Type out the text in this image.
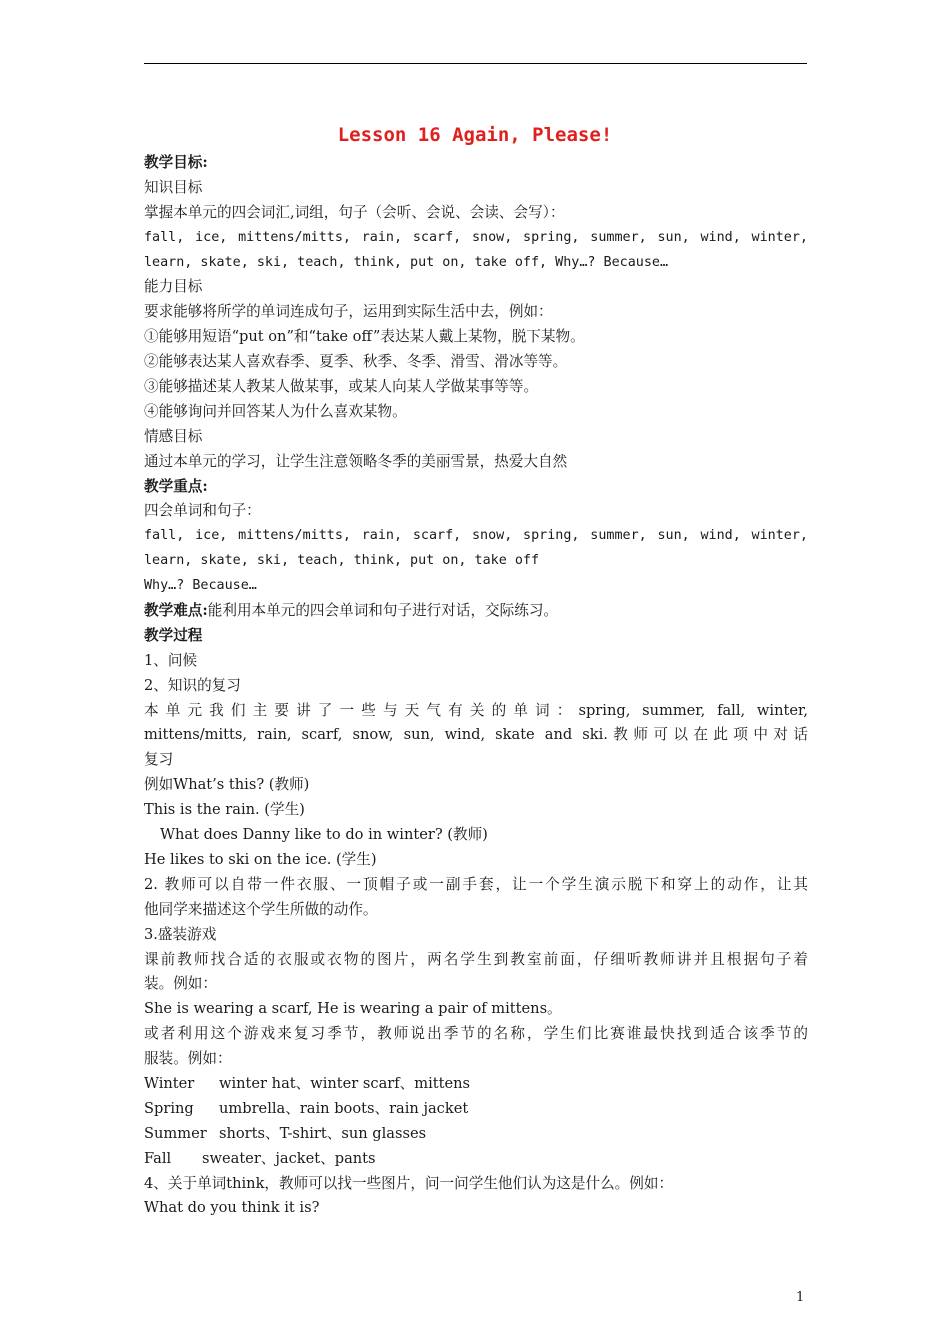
Lesson 16 Again, Please!
教学目标:
知识目标
掌握本单元的四会词汇,词组，句子（会听、会说、会读、会写）：
fall, ice, mittens/mitts, rain, scarf, snow, spring, summer, sun, wind, winter,
learn, skate, ski, teach, think, put on, take off, Why…? Because…
能力目标
要求能够将所学的单词连成句子，运用到实际生活中去，例如：
①能够用短语“put on”和“take off”表达某人戴上某物，脱下某物。
②能够表达某人喜欢春季、夏季、秋季、冬季、滑雪、滑冰等等。
③能够描述某人教某人做某事，或某人向某人学做某事等等。
④能够询问并回答某人为什么喜欢某物。
情感目标
通过本单元的学习，让学生注意领略冬季的美丽雪景，热爱大自然
教学重点:
四会单词和句子：
fall, ice, mittens/mitts, rain, scarf, snow, spring, summer, sun, wind, winter,
learn, skate, ski, teach, think, put on, take off
Why…? Because…
教学难点:能利用本单元的四会单词和句子进行对话，交际练习。
教学过程
1、问候
2、知识的复习
本单元我们主要讲了一些与天气有关的单词：spring, summer, fall, winter,
mittens/mitts, rain, scarf, snow, sun, wind, skate and ski.教师可以在此项中对话
复习
例如What’s this? (教师)
This is the rain. (学生)
What does Danny like to do in winter? (教师)
He likes to ski on the ice. (学生)
2. 教师可以自带一件衣服、一顶帽子或一副手套，让一个学生演示脱下和穿上的动作，让其
他同学来描述这个学生所做的动作。
3.盛装游戏
课前教师找合适的衣服或衣物的图片，两名学生到教室前面，仔细听教师讲并且根据句子着
装。例如：
She is wearing a scarf, He is wearing a pair of mittens。
或者利用这个游戏来复习季节，教师说出季节的名称，学生们比赛谁最快找到适合该季节的
服装。例如：
Winter	winter hat、winter scarf、mittens
Spring	umbrella、rain boots、rain jacket
Summer shorts、T-shirt、sun glasses
Fall	sweater、jacket、pants
4、关于单词think，教师可以找一些图片，问一问学生他们认为这是什么。例如：
What do you think it is?
1
